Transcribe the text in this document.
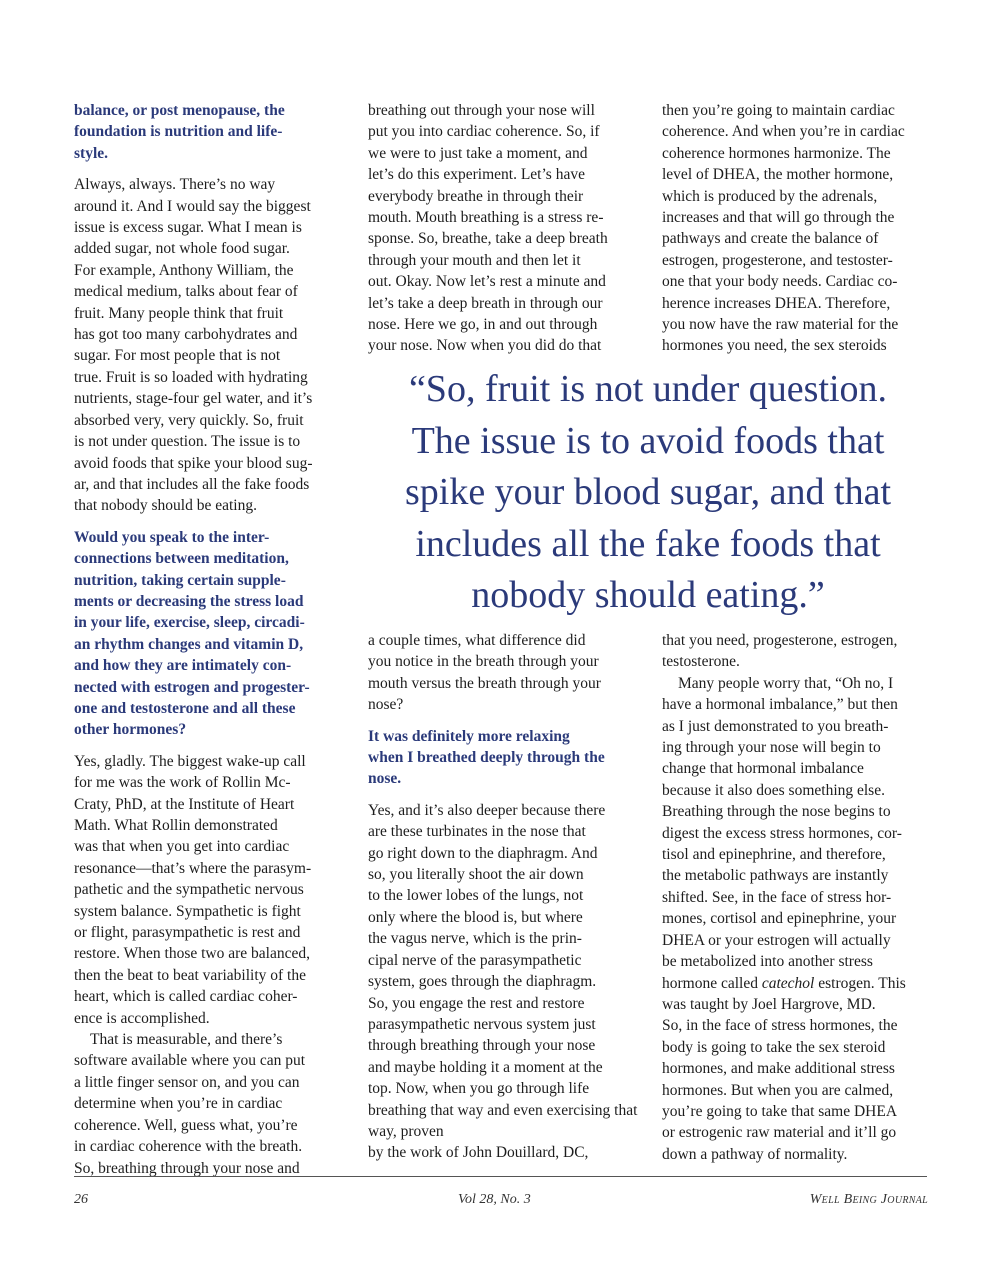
balance, or post menopause, the
foundation is nutrition and life-
style.

Always, always. There’s no way
around it. And I would say the biggest
issue is excess sugar. What I mean is
added sugar, not whole food sugar.
For example, Anthony William, the
medical medium, talks about fear of
fruit. Many people think that fruit
has got too many carbohydrates and
sugar. For most people that is not
true. Fruit is so loaded with hydrating
nutrients, stage-four gel water, and it’s
absorbed very, very quickly. So, fruit
is not under question. The issue is to
avoid foods that spike your blood sug-
ar, and that includes all the fake foods
that nobody should be eating.

Would you speak to the inter-
connections between meditation,
nutrition, taking certain supple-
ments or decreasing the stress load
in your life, exercise, sleep, circadi-
an rhythm changes and vitamin D,
and how they are intimately con-
nected with estrogen and progester-
one and testosterone and all these
other hormones?

Yes, gladly. The biggest wake-up call
for me was the work of Rollin Mc-
Craty, PhD, at the Institute of Heart
Math. What Rollin demonstrated
was that when you get into cardiac
resonance—that’s where the parasym-
pathetic and the sympathetic nervous
system balance. Sympathetic is fight
or flight, parasympathetic is rest and
restore. When those two are balanced,
then the beat to beat variability of the
heart, which is called cardiac coher-
ence is accomplished.

That is measurable, and there’s
software available where you can put
a little finger sensor on, and you can
determine when you’re in cardiac
coherence. Well, guess what, you’re
in cardiac coherence with the breath.
So, breathing through your nose and

breathing out through your nose will
put you into cardiac coherence. So, if
we were to just take a moment, and
let’s do this experiment. Let’s have
everybody breathe in through their
mouth. Mouth breathing is a stress re-
sponse. So, breathe, take a deep breath
through your mouth and then let it
out. Okay. Now let’s rest a minute and
let’s take a deep breath in through our
nose. Here we go, in and out through
your nose. Now when you did do that

then you’re going to maintain cardiac
coherence. And when you’re in cardiac
coherence hormones harmonize. The
level of DHEA, the mother hormone,
which is produced by the adrenals,
increases and that will go through the
pathways and create the balance of
estrogen, progesterone, and testoster-
one that your body needs. Cardiac co-
herence increases DHEA. Therefore,
you now have the raw material for the
hormones you need, the sex steroids

“So, fruit is not under question.
The issue is to avoid foods that
spike your blood sugar, and that
includes all the fake foods that
nobody should eating.”

a couple times, what difference did
you notice in the breath through your
mouth versus the breath through your
nose?

It was definitely more relaxing
when I breathed deeply through the
nose.

Yes, and it’s also deeper because there
are these turbinates in the nose that
go right down to the diaphragm. And
so, you literally shoot the air down
to the lower lobes of the lungs, not
only where the blood is, but where
the vagus nerve, which is the prin-
cipal nerve of the parasympathetic
system, goes through the diaphragm.
So, you engage the rest and restore
parasympathetic nervous system just
through breathing through your nose
and maybe holding it a moment at the
top. Now, when you go through life
breathing that way and even exercising that way, proven
by the work of John Douillard, DC,

that you need, progesterone, estrogen,
testosterone.

Many people worry that, “Oh no, I
have a hormonal imbalance,” but then
as I just demonstrated to you breath-
ing through your nose will begin to
change that hormonal imbalance
because it also does something else.
Breathing through the nose begins to
digest the excess stress hormones, cor-
tisol and epinephrine, and therefore,
the metabolic pathways are instantly
shifted. See, in the face of stress hor-
mones, cortisol and epinephrine, your
DHEA or your estrogen will actually
be metabolized into another stress
hormone called catechol estrogen. This
was taught by Joel Hargrove, MD.
So, in the face of stress hormones, the
body is going to take the sex steroid
hormones, and make additional stress
hormones. But when you are calmed,
you’re going to take that same DHEA
or estrogenic raw material and it’ll go
down a pathway of normality.

26	Vol 28, No. 3	Well Being Journal
